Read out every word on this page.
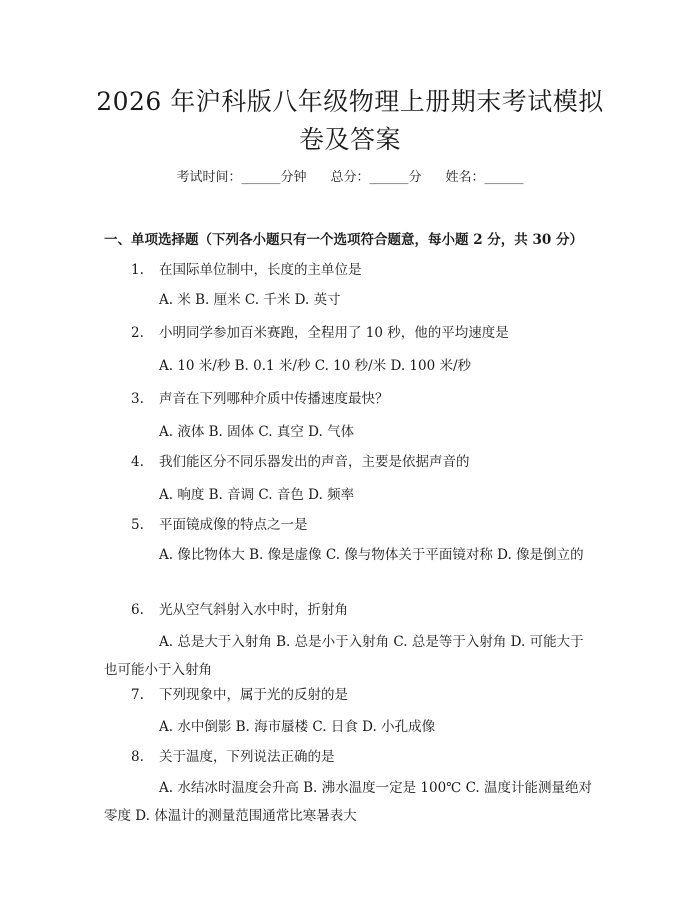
2026 年沪科版八年级物理上册期末考试模拟
卷及答案
考试时间：______分钟 总分：______分 姓名：______
一、单项选择题（下列各小题只有一个选项符合题意，每小题 2 分，共 30 分）
1. 在国际单位制中，长度的主单位是
A. 米 B. 厘米 C. 千米 D. 英寸
2. 小明同学参加百米赛跑，全程用了 10 秒，他的平均速度是
A. 10 米/秒 B. 0.1 米/秒 C. 10 秒/米 D. 100 米/秒
3. 声音在下列哪种介质中传播速度最快？
A. 液体 B. 固体 C. 真空 D. 气体
4. 我们能区分不同乐器发出的声音，主要是依据声音的
A. 响度 B. 音调 C. 音色 D. 频率
5. 平面镜成像的特点之一是
A. 像比物体大 B. 像是虚像 C. 像与物体关于平面镜对称 D. 像是倒立的
6. 光从空气斜射入水中时，折射角
A. 总是大于入射角 B. 总是小于入射角 C. 总是等于入射角 D. 可能大于也可能小于入射角
7. 下列现象中，属于光的反射的是
A. 水中倒影 B. 海市蜃楼 C. 日食 D. 小孔成像
8. 关于温度，下列说法正确的是
A. 水结冰时温度会升高 B. 沸水温度一定是 100℃ C. 温度计能测量绝对零度 D. 体温计的测量范围通常比寒暑表大
